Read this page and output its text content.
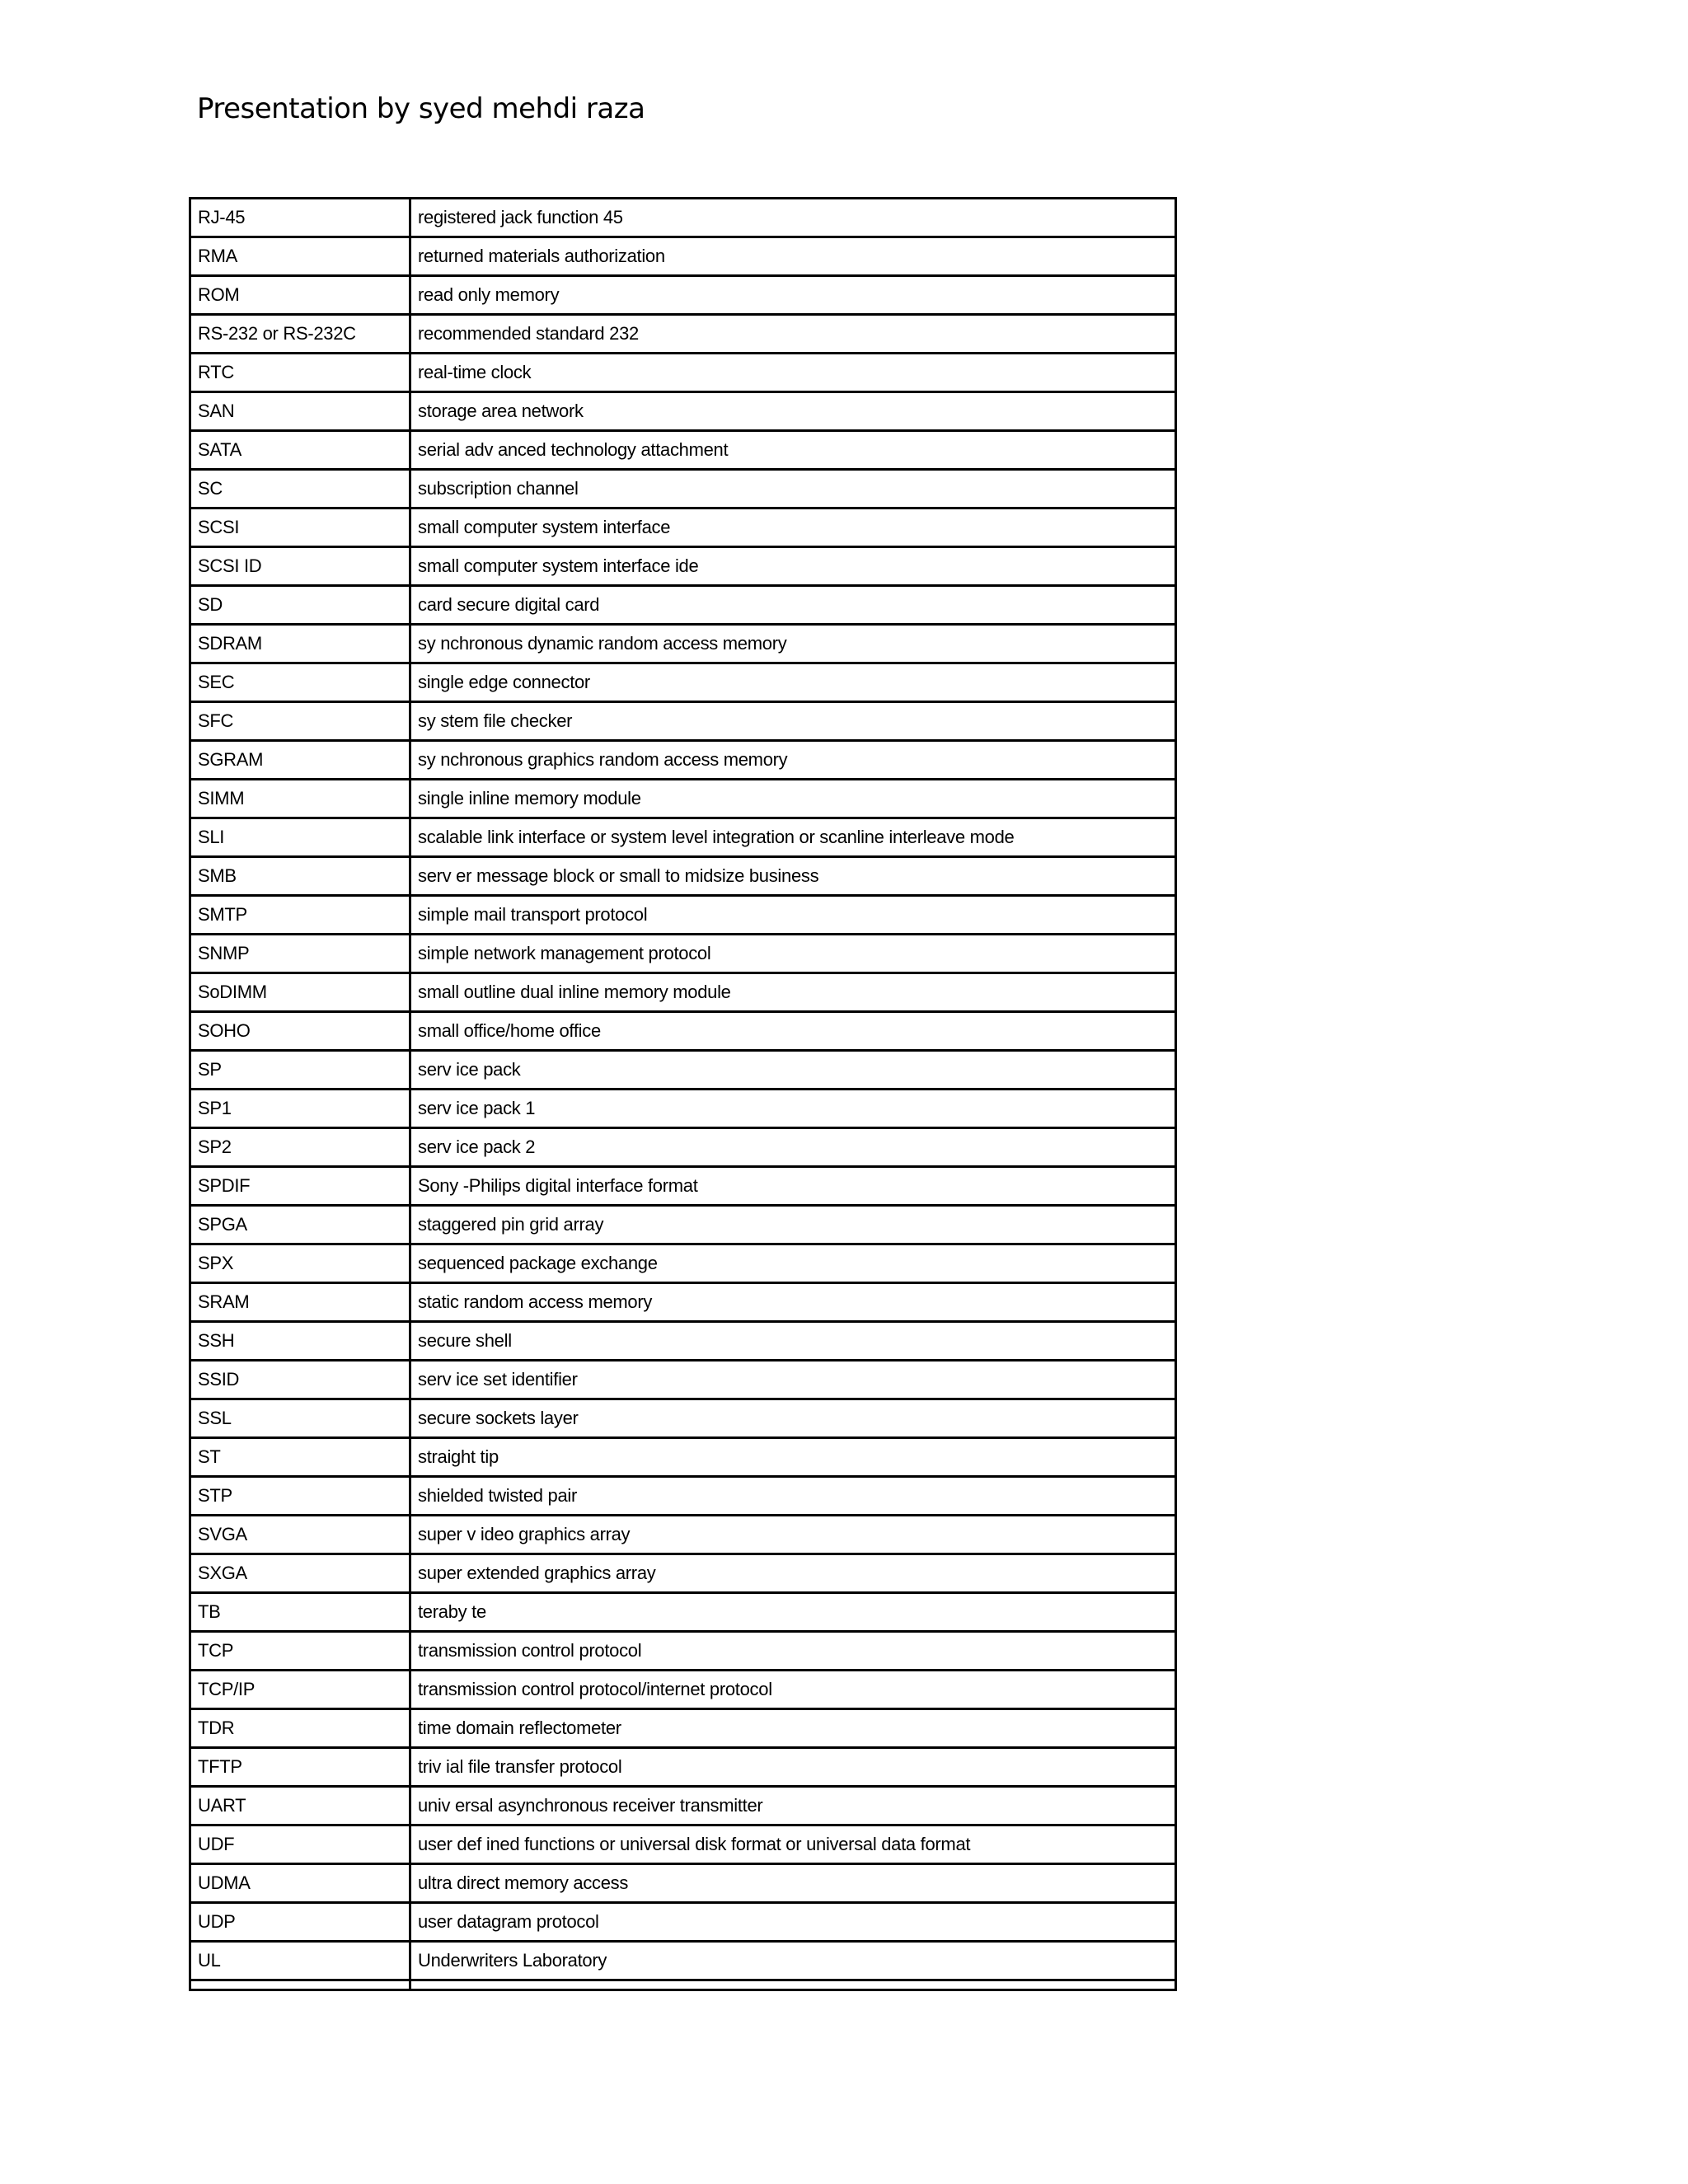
Presentation by syed mehdi raza
RJ-45	registered jack function 45
RMA	returned materials authorization
ROM	read only memory
RS-232 or RS-232C	recommended standard 232
RTC	real-time clock
SAN	storage area network
SATA	serial adv anced technology attachment
SC	subscription channel
SCSI	small computer system interface
SCSI ID	small computer system interface ide
SD	card secure digital card
SDRAM	sy nchronous dynamic random access memory
SEC	single edge connector
SFC	sy stem file checker
SGRAM	sy nchronous graphics random access memory
SIMM	single inline memory module
SLI	scalable link interface or system level integration or scanline interleave mode
SMB	serv er message block or small to midsize business
SMTP	simple mail transport protocol
SNMP	simple network management protocol
SoDIMM	small outline dual inline memory module
SOHO	small office/home office
SP	serv ice pack
SP1	serv ice pack 1
SP2	serv ice pack 2
SPDIF	Sony -Philips digital interface format
SPGA	staggered pin grid array
SPX	sequenced package exchange
SRAM	static random access memory
SSH	secure shell
SSID	serv ice set identifier
SSL	secure sockets layer
ST	straight tip
STP	shielded twisted pair
SVGA	super v ideo graphics array
SXGA	super extended graphics array
TB	teraby te
TCP	transmission control protocol
TCP/IP	transmission control protocol/internet protocol
TDR	time domain reflectometer
TFTP	triv ial file transfer protocol
UART	univ ersal asynchronous receiver transmitter
UDF	user def ined functions or universal disk format or universal data format
UDMA	ultra direct memory access
UDP	user datagram protocol
UL	Underwriters Laboratory
